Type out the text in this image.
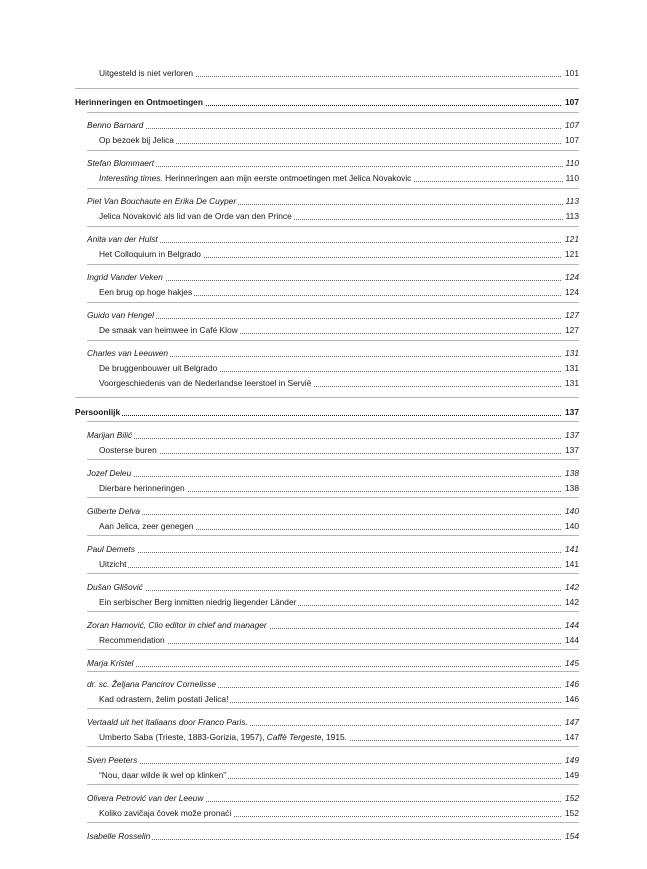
Uitgesteld is niet verloren	101
Herinneringen en Ontmoetingen	107
Benno Barnard	107
Op bezoek bij Jelica	107
Stefan Blommaert	110
Interesting times. Herinneringen aan mijn eerste ontmoetingen met Jelica Novakovic	110
Piet Van Bouchaute en Erika De Cuyper	113
Jelica Novaković als lid van de Orde van den Prince	113
Anita van der Hulst	121
Het Colloquium in Belgrado	121
Ingrid Vander Veken	124
Een brug op hoge hakjes	124
Guido van Hengel	127
De smaak van heimwee in Café Klow	127
Charles van Leeuwen	131
De bruggenbouwer uit Belgrado	131
Voorgeschiedenis van de Nederlandse leerstoel in Servië	131
Persoonlijk	137
Marijan Bilić	137
Oosterse buren	137
Jozef Deleu	138
Dierbare herinneringen	138
Gilberte Delva	140
Aan Jelica, zeer genegen	140
Paul Demets	141
Uitzicht	141
Dušan Glišović	142
Ein serbischer Berg inmitten niedrig liegender Länder	142
Zoran Hamović, Clio editor in chief and manager	144
Recommendation	144
Marja Kristel	145
dr. sc. Željana Pancirov Cornelisse	146
Kad odrastem, želim postati Jelica!	146
Vertaald uit het Italiaans door Franco Paris.	147
Umberto Saba (Trieste, 1883-Gorizia, 1957), Caffè Tergeste, 1915.	147
Sven Peeters	149
“Nou, daar wilde ik wel op klinken”	149
Olivera Petrović van der Leeuw	152
Koliko zavičaja čovek može pronaći	152
Isabelle Rosselin	154
